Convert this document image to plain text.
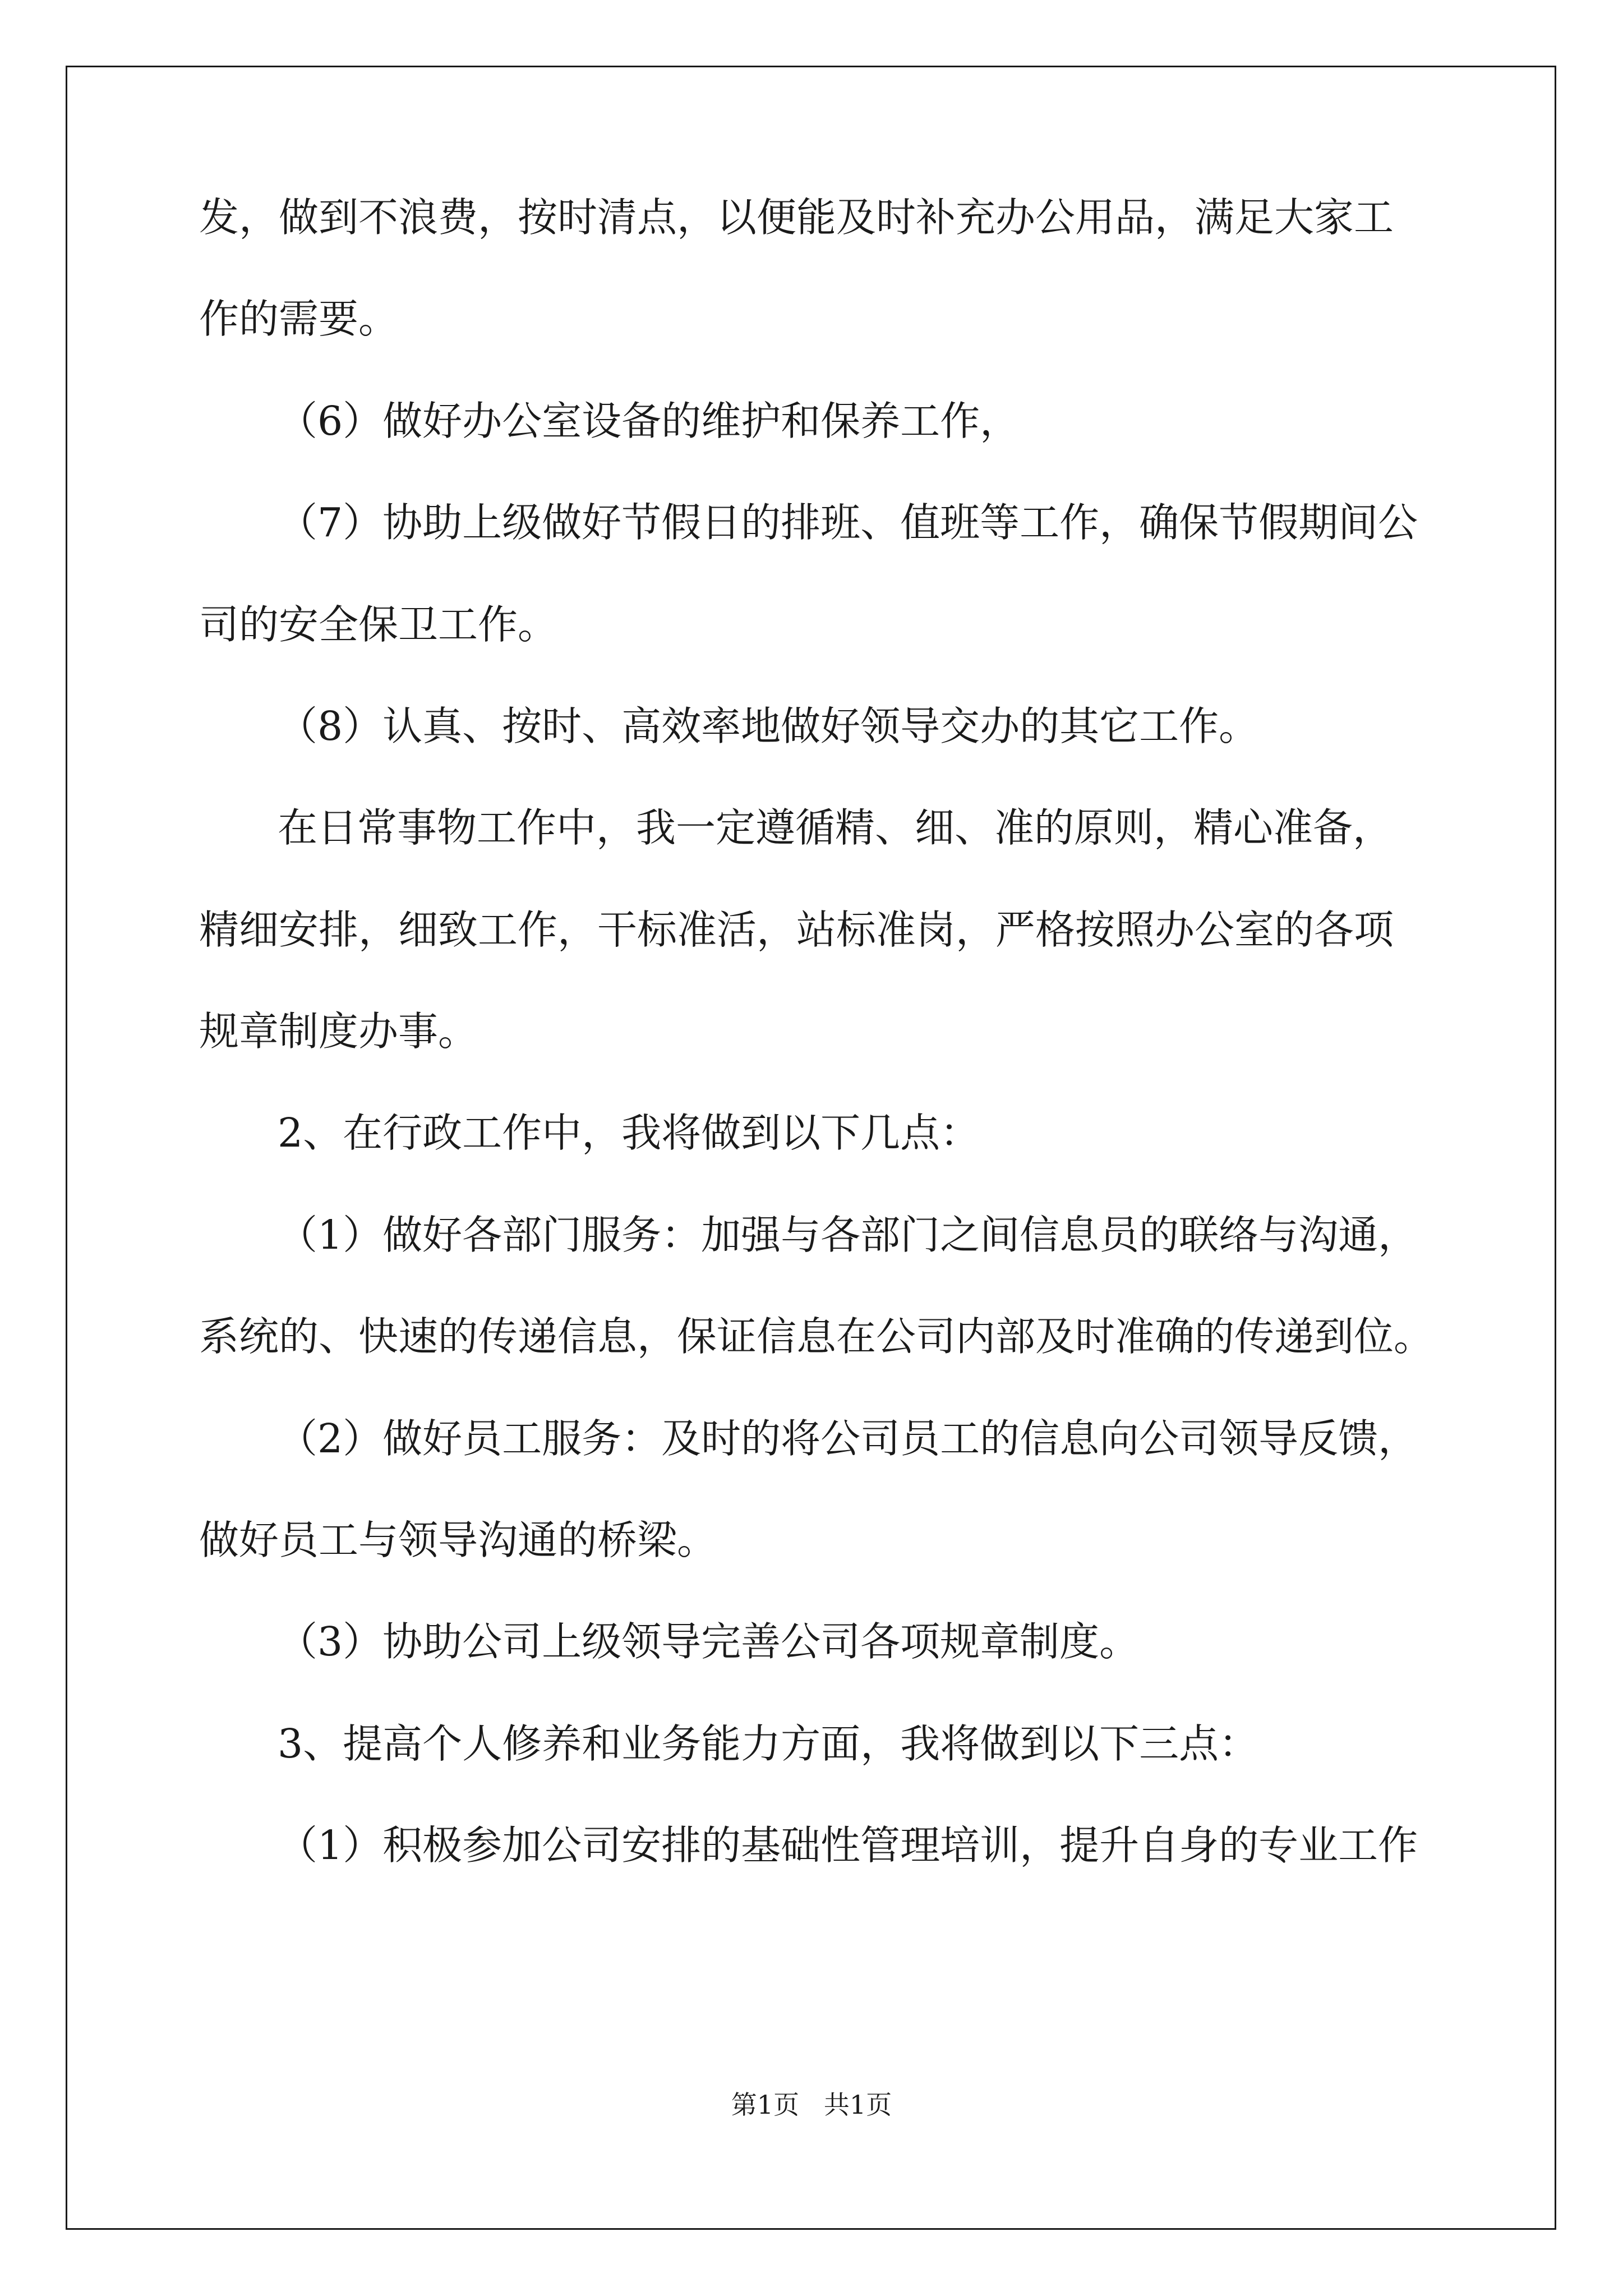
发，做到不浪费，按时清点，以便能及时补充办公用品，满足大家工
作的需要。
（6）做好办公室设备的维护和保养工作，
（7）协助上级做好节假日的排班、值班等工作，确保节假期间公
司的安全保卫工作。
（8）认真、按时、高效率地做好领导交办的其它工作。
在日常事物工作中，我一定遵循精、细、准的原则，精心准备，
精细安排，细致工作，干标准活，站标准岗，严格按照办公室的各项
规章制度办事。
2、在行政工作中，我将做到以下几点：
（1）做好各部门服务：加强与各部门之间信息员的联络与沟通，
系统的、快速的传递信息，保证信息在公司内部及时准确的传递到位。
（2）做好员工服务：及时的将公司员工的信息向公司领导反馈，
做好员工与领导沟通的桥梁。
（3）协助公司上级领导完善公司各项规章制度。
3、提高个人修养和业务能力方面，我将做到以下三点：
（1）积极参加公司安排的基础性管理培训，提升自身的专业工作
第1页   共1页
